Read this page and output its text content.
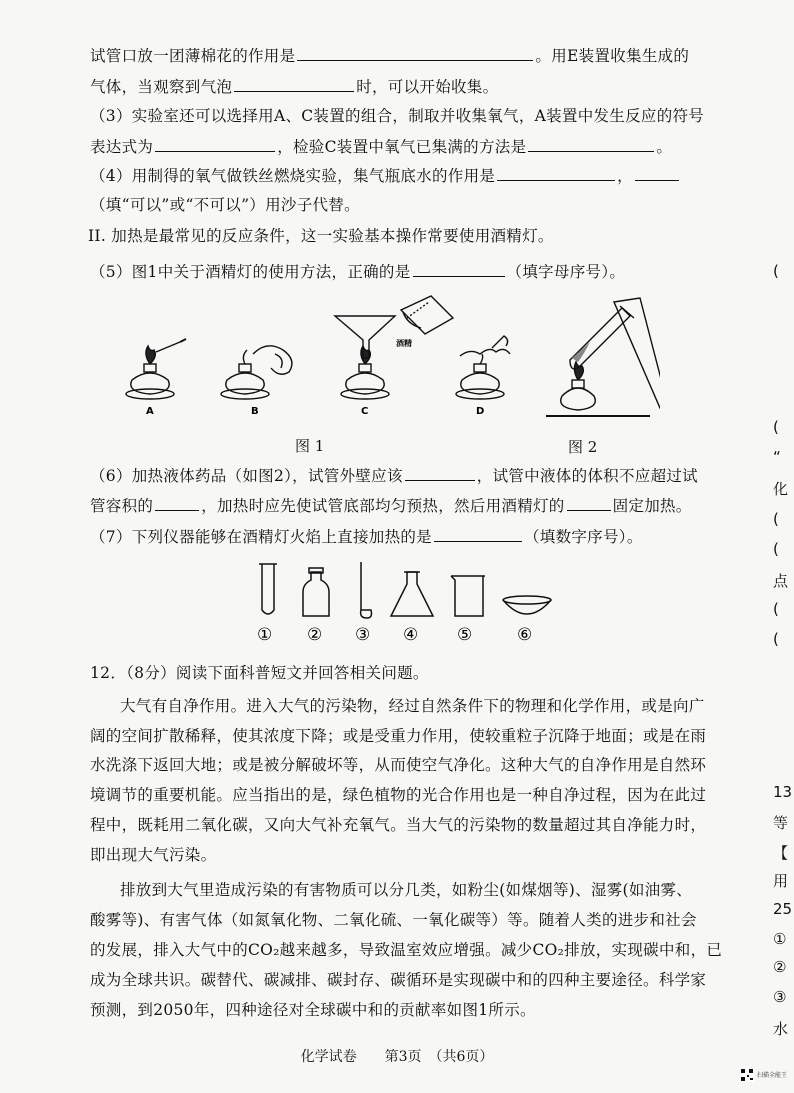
试管口放一团薄棉花的作用是	。用E装置收集生成的
气体，当观察到气泡	时，可以开始收集。
（3）实验室还可以选择用A、C装置的组合，制取并收集氧气，A装置中发生反应的符号
表达式为	，检验C装置中氧气已集满的方法是	。
（4）用制得的氧气做铁丝燃烧实验，集气瓶底水的作用是	，
（填“可以”或“不可以”）用沙子代替。
II. 加热是最常见的反应条件，这一实验基本操作常要使用酒精灯。
（5）图1中关于酒精灯的使用方法，正确的是	（填字母序号）。
A	B	C	D
酒精
图 1	图 2
（6）加热液体药品（如图2），试管外壁应该	，试管中液体的体积不应超过试
管容积的	，加热时应先使试管底部均匀预热，然后用酒精灯的	固定加热。
（7）下列仪器能够在酒精灯火焰上直接加热的是	（填数字序号）。
① ② ③ ④ ⑤	⑥
12．（8分）阅读下面科普短文并回答相关问题。
大气有自净作用。进入大气的污染物，经过自然条件下的物理和化学作用，或是向广
阔的空间扩散稀释，使其浓度下降；或是受重力作用，使较重粒子沉降于地面；或是在雨
水洗涤下返回大地；或是被分解破坏等，从而使空气净化。这种大气的自净作用是自然环
境调节的重要机能。应当指出的是，绿色植物的光合作用也是一种自净过程，因为在此过
程中，既耗用二氧化碳，又向大气补充氧气。当大气的污染物的数量超过其自净能力时，
即出现大气污染。
排放到大气里造成污染的有害物质可以分几类，如粉尘(如煤烟等)、湿雾(如油雾、
酸雾等)、有害气体（如氮氧化物、二氧化硫、一氧化碳等）等。随着人类的进步和社会
的发展，排入大气中的CO₂越来越多，导致温室效应增强。减少CO₂排放，实现碳中和，已
成为全球共识。碳替代、碳减排、碳封存、碳循环是实现碳中和的四种主要途径。科学家
预测，到2050年，四种途径对全球碳中和的贡献率如图1所示。
(
(
“
化
(
(
点
(
(
13
等
【
用
25
①
②
③
水
化学试卷　　第3页　（共6页）
扫描全能王
